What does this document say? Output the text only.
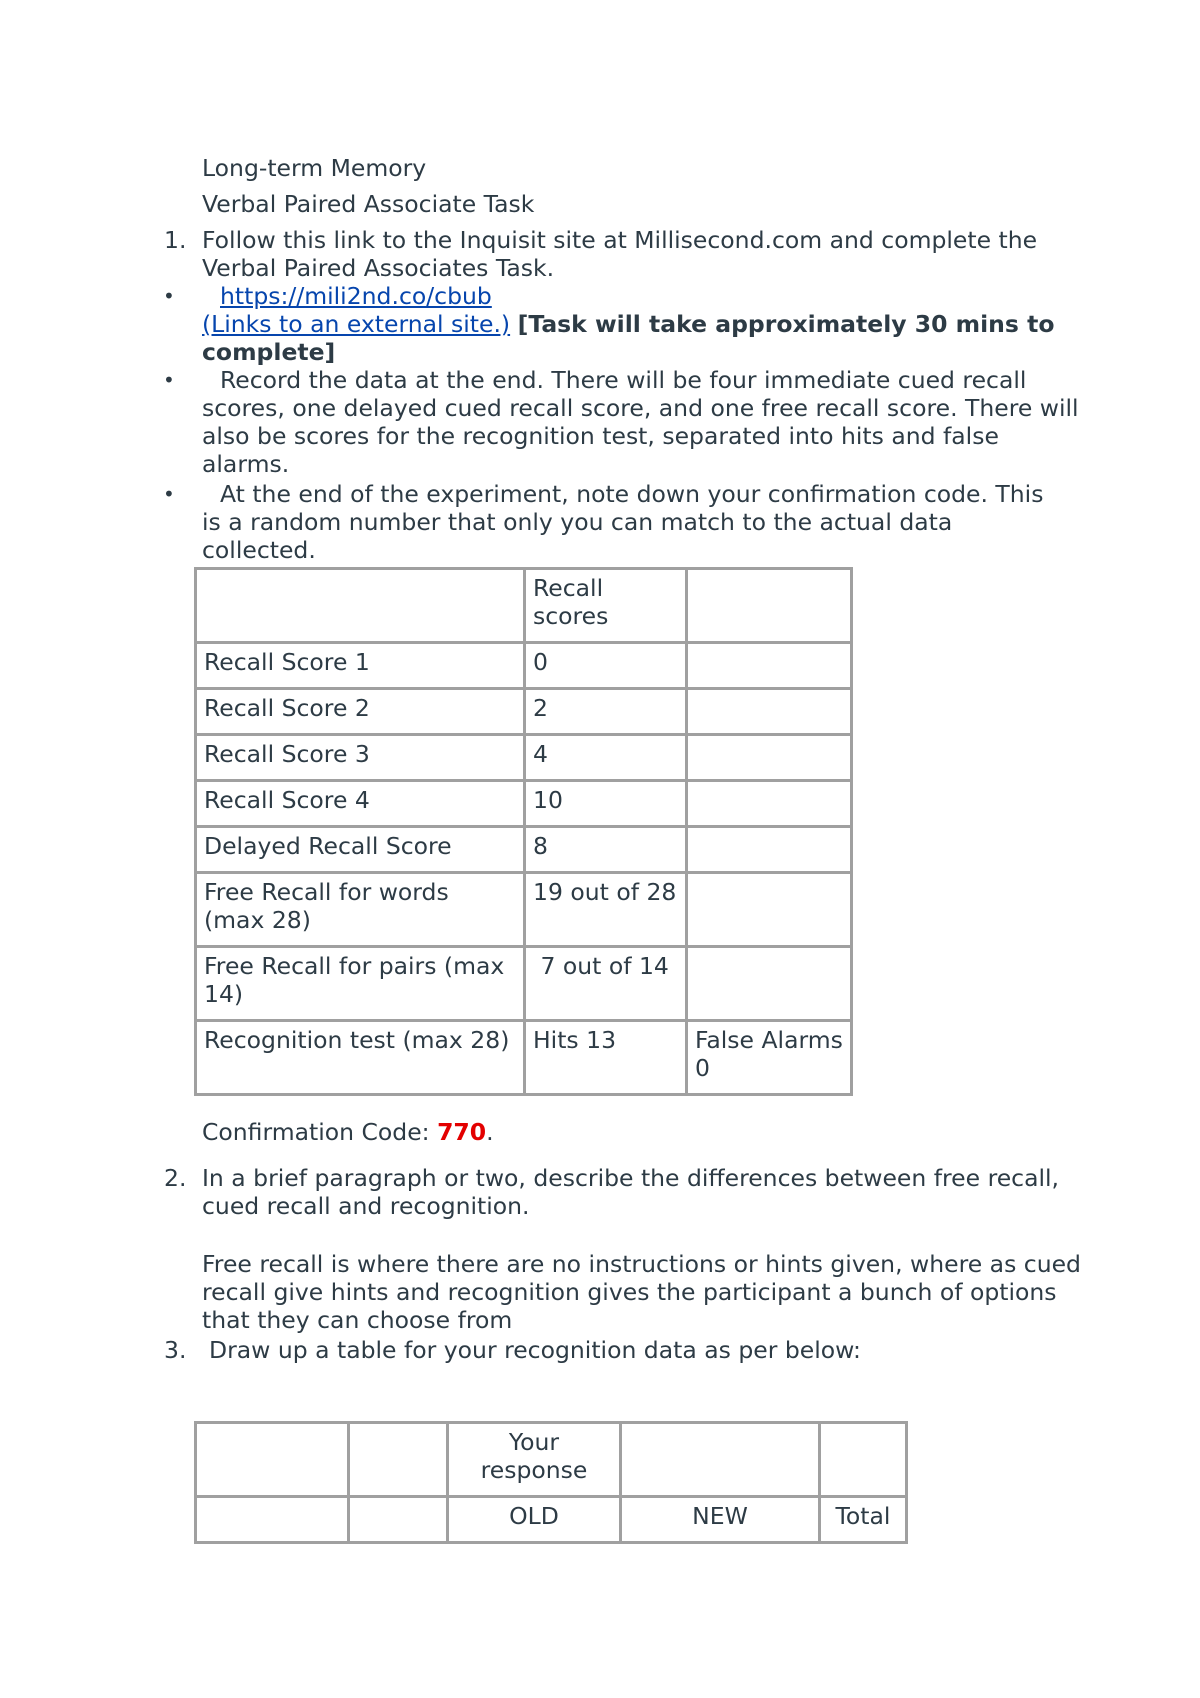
Long-term Memory

Verbal Paired Associate Task

1. Follow this link to the Inquisit site at Millisecond.com and complete the Verbal Paired Associates Task.

•	https://mili2nd.co/cbub
(Links to an external site.) [Task will take approximately 30 mins to complete]

•	Record the data at the end. There will be four immediate cued recall scores, one delayed cued recall score, and one free recall score. There will also be scores for the recognition test, separated into hits and false alarms.

•	At the end of the experiment, note down your confirmation code. This is a random number that only you can match to the actual data collected.

	Recall scores	
Recall Score 1	0	
Recall Score 2	2	
Recall Score 3	4	
Recall Score 4	10	
Delayed Recall Score	8	
Free Recall for words (max 28)	19 out of 28	
Free Recall for pairs (max 14)	7 out of 14	
Recognition test (max 28)	Hits 13	False Alarms 0

Confirmation Code: 770.

2. In a brief paragraph or two, describe the differences between free recall, cued recall and recognition.

Free recall is where there are no instructions or hints given, where as cued recall give hints and recognition gives the participant a bunch of options that they can choose from

3. Draw up a table for your recognition data as per below:

		Your response		
		OLD	NEW	Total
